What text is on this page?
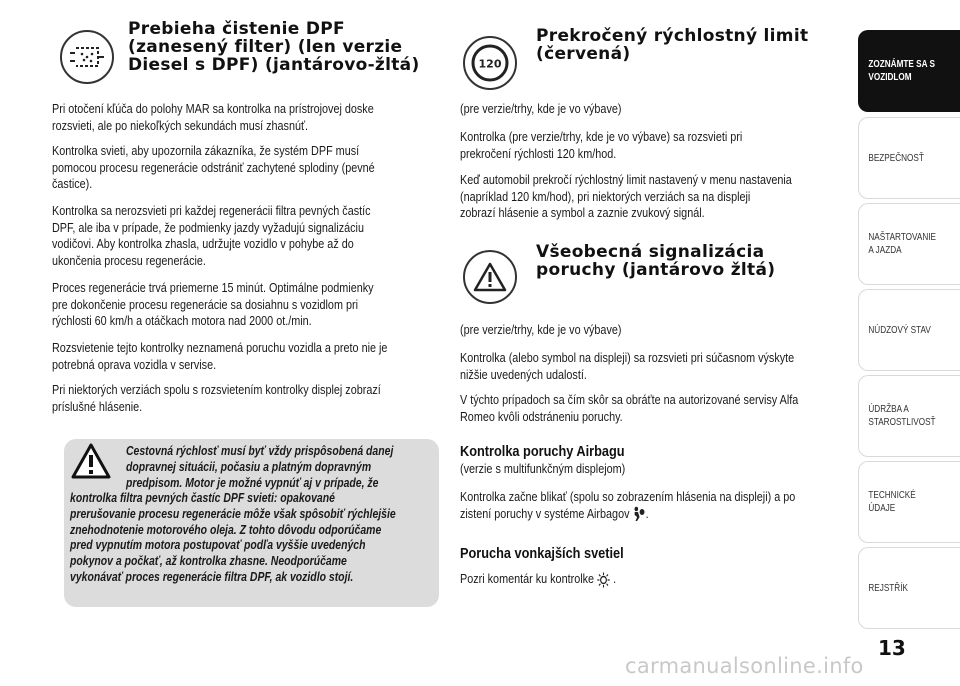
Prebieha čistenie DPF
(zanesený filter) (len verzie
Diesel s DPF) (jantárovo-žltá)
Pri otočení kľúča do polohy MAR sa kontrolka na prístrojovej doske
rozsvieti, ale po niekoľkých sekundách musí zhasnúť.
Kontrolka svieti, aby upozornila zákazníka, že systém DPF musí
pomocou procesu regenerácie odstrániť zachytené splodiny (pevné
častice).
Kontrolka sa nerozsvieti pri každej regenerácii filtra pevných častíc
DPF, ale iba v prípade, že podmienky jazdy vyžadujú signalizáciu
vodičovi. Aby kontrolka zhasla, udržujte vozidlo v pohybe až do
ukončenia procesu regenerácie.
Proces regenerácie trvá priemerne 15 minút. Optimálne podmienky
pre dokončenie procesu regenerácie sa dosiahnu s vozidlom pri
rýchlosti 60 km/h a otáčkach motora nad 2000 ot./min.
Rozsvietenie tejto kontrolky neznamená poruchu vozidla a preto nie je
potrebná oprava vozidla v servise.
Pri niektorých verziách spolu s rozsvietením kontrolky displej zobrazí
príslušné hlásenie.
Cestovná rýchlosť musí byť vždy prispôsobená danej
dopravnej situácii, počasiu a platným dopravným
predpisom. Motor je možné vypnúť aj v prípade, že
kontrolka filtra pevných častíc DPF svieti: opakované
prerušovanie procesu regenerácie môže však spôsobiť rýchlejšie
znehodnotenie motorového oleja. Z tohto dôvodu odporúčame
pred vypnutím motora postupovať podľa vyššie uvedených
pokynov a počkať, až kontrolka zhasne. Neodporúčame
vykonávať proces regenerácie filtra DPF, ak vozidlo stojí.
120
Prekročený rýchlostný limit
(červená)
(pre verzie/trhy, kde je vo výbave)
Kontrolka (pre verzie/trhy, kde je vo výbave) sa rozsvieti pri
prekročení rýchlosti 120 km/hod.
Keď automobil prekročí rýchlostný limit nastavený v menu nastavenia
(napríklad 120 km/hod), pri niektorých verziách sa na displeji
zobrazí hlásenie a symbol a zaznie zvukový signál.
Všeobecná signalizácia
poruchy (jantárovo žltá)
(pre verzie/trhy, kde je vo výbave)
Kontrolka (alebo symbol na displeji) sa rozsvieti pri súčasnom výskyte
nižšie uvedených udalostí.
V týchto prípadoch sa čím skôr sa obráťte na autorizované servisy Alfa
Romeo kvôli odstráneniu poruchy.
Kontrolka poruchy Airbagu
(verzie s multifunkčným displejom)
Kontrolka začne blikať (spolu so zobrazením hlásenia na displeji) a po
zistení poruchy v systéme Airbagov .
Porucha vonkajších svetiel
Pozri komentár ku kontrolke .
ZOZNÁMTE SA S VOZIDLOM
BEZPEČNOSŤ
NAŠTARTOVANIE A JAZDA
NÚDZOVÝ STAV
ÚDRŽBA A STAROSTLIVOSŤ
TECHNICKÉ ÚDAJE
REJSTŘÍK
13
carmanualsonline.info
